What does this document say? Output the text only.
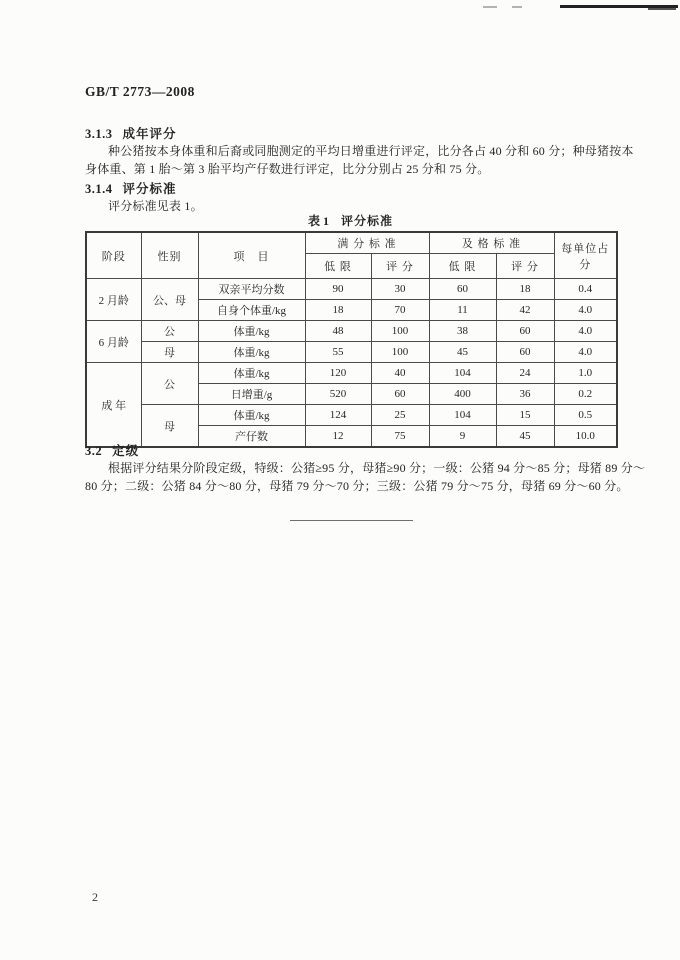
GB/T 2773—2008
3.1.3 成年评分
种公猪按本身体重和后裔或同胞测定的平均日增重进行评定，比分各占 40 分和 60 分；种母猪按本
身体重、第 1 胎～第 3 胎平均产仔数进行评定，比分分别占 25 分和 75 分。
3.1.4 评分标准
评分标准见表 1。
表 1 评分标准
阶段	性别	项　目	满 分 标 准		及 格 标 准		每单位占分
			低 限	评 分	低 限	评 分	
2 月龄	公、母	双亲平均分数	90	30	60	18	0.4
		自身个体重/kg	18	70	11	42	4.0
6 月龄	公	体重/kg	48	100	38	60	4.0
	母	体重/kg	55	100	45	60	4.0
成 年	公	体重/kg	120	40	104	24	1.0
		日增重/g	520	60	400	36	0.2
	母	体重/kg	124	25	104	15	0.5
		产仔数	12	75	9	45	10.0
3.2 定级
根据评分结果分阶段定级，特级：公猪≥95 分，母猪≥90 分；一级：公猪 94 分～85 分；母猪 89 分～
80 分；二级：公猪 84 分～80 分，母猪 79 分～70 分；三级：公猪 79 分～75 分，母猪 69 分～60 分。
2
